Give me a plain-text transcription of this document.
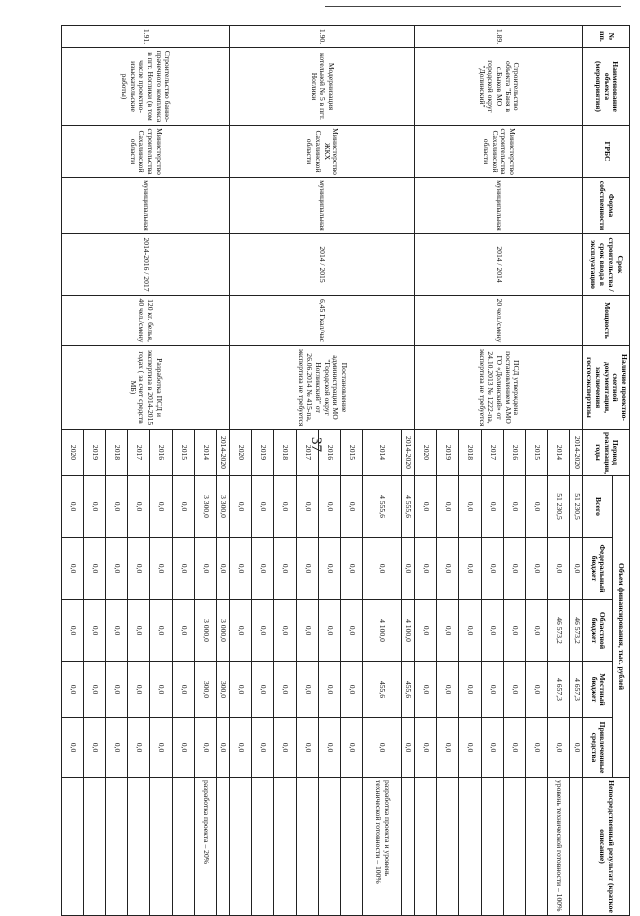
37
№ пп.	Наименование объекта (мероприятия)	ГРБС	Форма собственности	Срок строительства / срок ввода в эксплуатацию	Мощность	Наличие проектно-сметной документации, заключения госгосэкспертизы	Период реализации, годы	Объем финансирования, тыс. рублей					Непосредственный результат (краткое описание)
								Всего	Федеральный бюджет	Областной бюджет	Местный бюджет	Привлеченные средства	
1.89.	Строительство объекта "Баня в с.Быков МО городской округ "Долинский"	Министерство строительства Сахалинской области	муниципальная	2014 / 2014	20 чел./смену	ПСД утверждена постановлением АМО ГО «Долинский» от 24.10.2013 № 1222-па, экспертиза не требуется	2014-2020	51 230,5	0,0	46 573,2	4 657,3	0,0	
							2014	51 230,5	0,0	46 573,2	4 657,3	0,0	уровень технической готовности – 100%
							2015	0,0	0,0	0,0	0,0	0,0	
							2016	0,0	0,0	0,0	0,0	0,0	
							2017	0,0	0,0	0,0	0,0	0,0	
							2018	0,0	0,0	0,0	0,0	0,0	
							2019	0,0	0,0	0,0	0,0	0,0	
							2020	0,0	0,0	0,0	0,0	0,0	
1.90.	Модернизация котельной № 5 в пгт. Ноглики	Министерство ЖКХ Сахалинской области	муниципальная	2014 / 2015	6,45 Гкал/час	Постановление администрации МО "Городской округ Ногликский" от 26.06.2014 № 415-па, экспертиза не требуется	2014-2020	4 555,6	0,0	4 100,0	455,6	0,0	
							2014	4 555,6	0,0	4 100,0	455,6	0,0	разработка проекта и уровень технической готовности – 100%
							2015	0,0	0,0	0,0	0,0	0,0	
							2016	0,0	0,0	0,0	0,0	0,0	
							2017	0,0	0,0	0,0	0,0	0,0	
							2018	0,0	0,0	0,0	0,0	0,0	
							2019	0,0	0,0	0,0	0,0	0,0	
							2020	0,0	0,0	0,0	0,0	0,0	
1.91.	Строительство банно-прачечного комплекса в пгт. Ноглики (в том числе проектно-изыскательские работы)	Министерство строительства Сахалинской области	муниципальная	2014-2016 / 2017	120 кг. белья, 40 чел./смену	Разработка ПСД и экспертиза в 2014-2015 годах ( за счет средств МБ)	2014-2020	3 300,0	0,0	3 000,0	300,0	0,0	
							2014	3 300,0	0,0	3 000,0	300,0	0,0	разработка проекта – 20%
							2015	0,0	0,0	0,0	0,0	0,0	
							2016	0,0	0,0	0,0	0,0	0,0	
							2017	0,0	0,0	0,0	0,0	0,0	
							2018	0,0	0,0	0,0	0,0	0,0	
							2019	0,0	0,0	0,0	0,0	0,0	
							2020	0,0	0,0	0,0	0,0	0,0	
